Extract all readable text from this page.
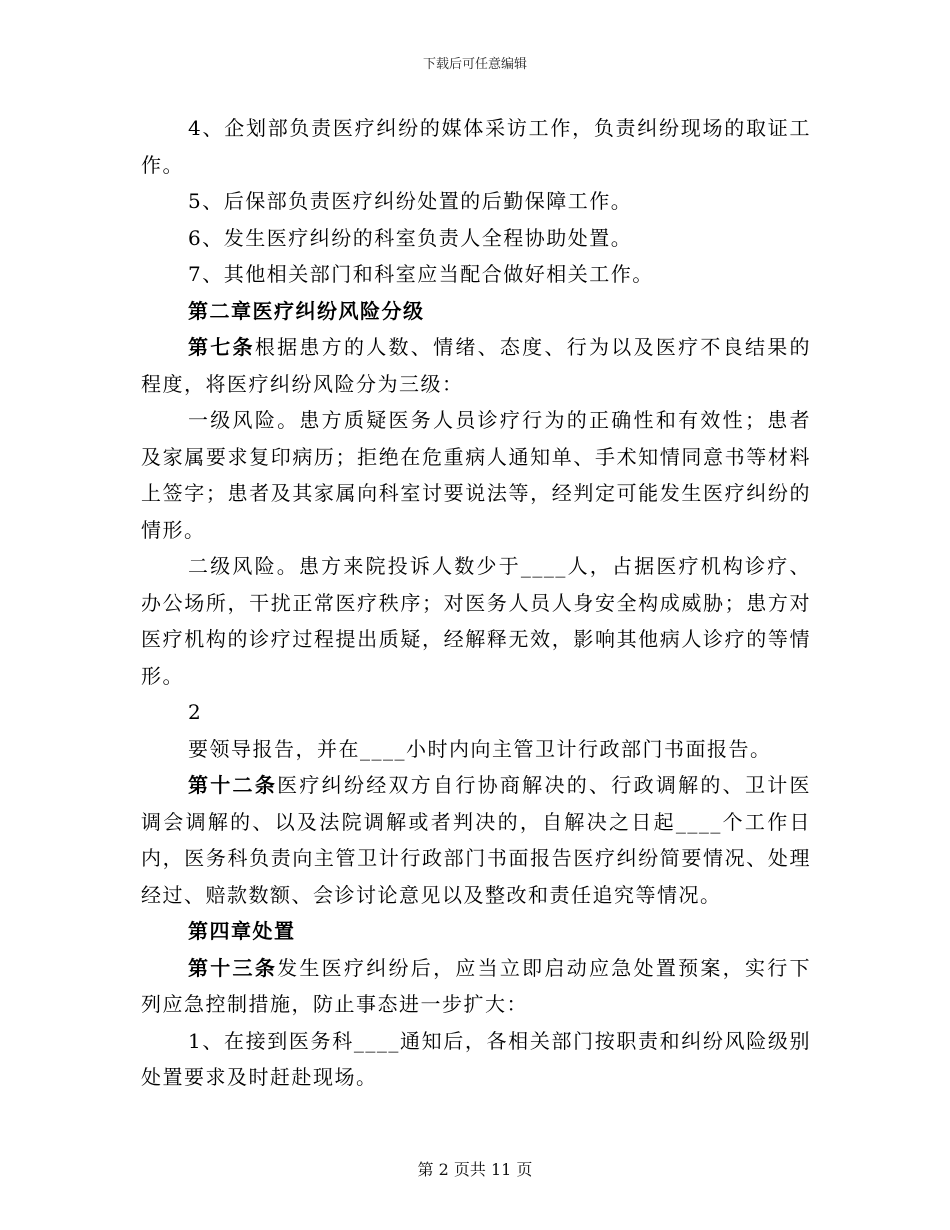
下载后可任意编辑

4、企划部负责医疗纠纷的媒体采访工作，负责纠纷现场的取证工作。

5、后保部负责医疗纠纷处置的后勤保障工作。

6、发生医疗纠纷的科室负责人全程协助处置。

7、其他相关部门和科室应当配合做好相关工作。

第二章医疗纠纷风险分级

第七条根据患方的人数、情绪、态度、行为以及医疗不良结果的程度，将医疗纠纷风险分为三级：

一级风险。患方质疑医务人员诊疗行为的正确性和有效性；患者及家属要求复印病历；拒绝在危重病人通知单、手术知情同意书等材料上签字；患者及其家属向科室讨要说法等，经判定可能发生医疗纠纷的情形。

二级风险。患方来院投诉人数少于____人，占据医疗机构诊疗、办公场所，干扰正常医疗秩序；对医务人员人身安全构成威胁；患方对医疗机构的诊疗过程提出质疑，经解释无效，影响其他病人诊疗的等情形。

2

要领导报告，并在____小时内向主管卫计行政部门书面报告。

第十二条医疗纠纷经双方自行协商解决的、行政调解的、卫计医调会调解的、以及法院调解或者判决的，自解决之日起____个工作日内，医务科负责向主管卫计行政部门书面报告医疗纠纷简要情况、处理经过、赔款数额、会诊讨论意见以及整改和责任追究等情况。

第四章处置

第十三条发生医疗纠纷后，应当立即启动应急处置预案，实行下列应急控制措施，防止事态进一步扩大：

1、在接到医务科____通知后，各相关部门按职责和纠纷风险级别处置要求及时赶赴现场。

第 2 页共 11 页
